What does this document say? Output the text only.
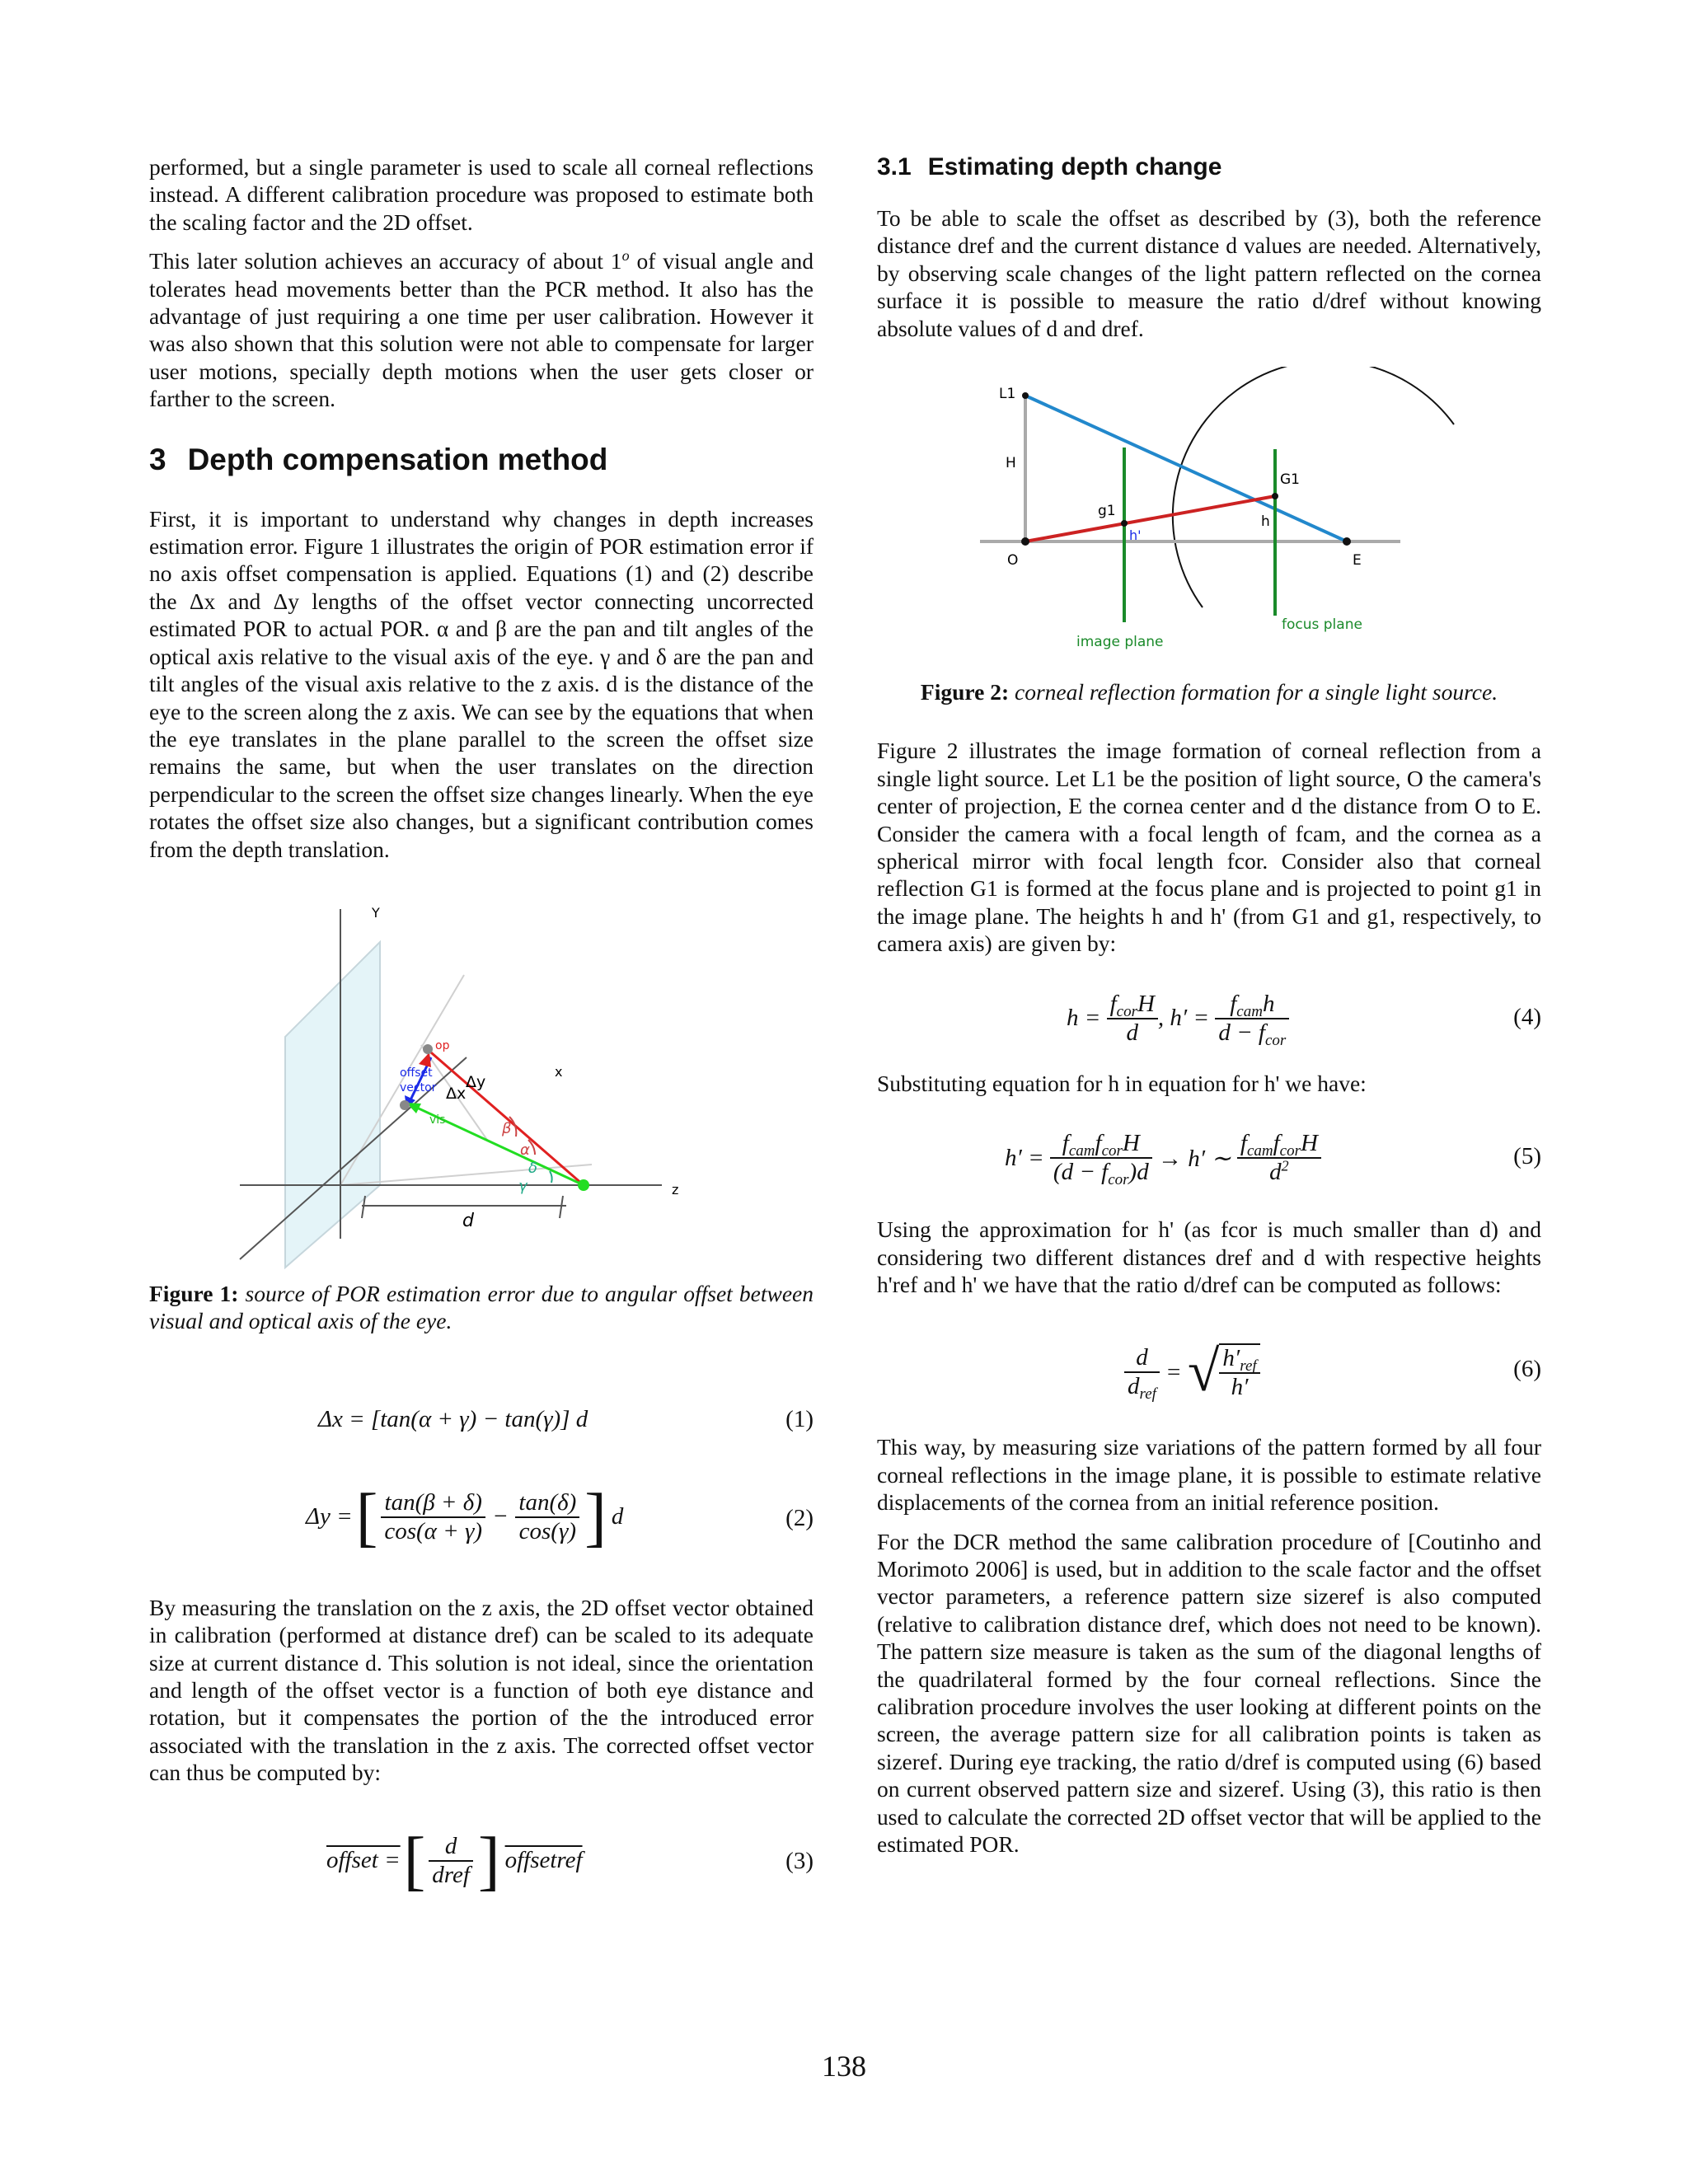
performed, but a single parameter is used to scale all corneal reflections instead. A different calibration procedure was proposed to estimate both the scaling factor and the 2D offset.

This later solution achieves an accuracy of about 1$^o$ of visual angle and tolerates head movements better than the PCR method. It also has the advantage of just requiring a one time per user calibration. However it was also shown that this solution were not able to compensate for larger user motions, specially depth motions when the user gets closer or farther to the screen.

3 Depth compensation method

First, it is important to understand why changes in depth increases estimation error. Figure 1 illustrates the origin of POR estimation error if no axis offset compensation is applied. Equations (1) and (2) describe the Δx and Δy lengths of the offset vector connecting uncorrected estimated POR to actual POR. α and β are the pan and tilt angles of the optical axis relative to the visual axis of the eye. γ and δ are the pan and tilt angles of the visual axis relative to the z axis. d is the distance of the eye to the screen along the z axis. We can see by the equations that when the eye translates in the plane parallel to the screen the offset size remains the same, but when the user translates on the direction perpendicular to the screen the offset size changes linearly. When the eye rotates the offset size also changes, but a significant contribution comes from the depth translation.

Y
x
z
d
op
offset
vector
vis
Δx
Δy
β
α
δ
γ

Figure 1: source of POR estimation error due to angular offset between visual and optical axis of the eye.

Δx = [tan(α + γ) − tan(γ)] d	(1)
Δy = [ $\frac{\tan(\beta + \delta)}{\cos(\alpha + \gamma)} - \frac{\tan(\delta)}{\cos(\gamma)}$ ] d	(2)

By measuring the translation on the z axis, the 2D offset vector obtained in calibration (performed at distance dref) can be scaled to its adequate size at current distance d. This solution is not ideal, since the orientation and length of the offset vector is a function of both eye distance and rotation, but it compensates the portion of the the introduced error associated with the translation in the z axis. The corrected offset vector can thus be computed by:

offset = [ $\frac{d}{\text{dref}}$ ] offsetref	(3)
3.1 Estimating depth change

To be able to scale the offset as described by (3), both the reference distance dref and the current distance d values are needed. Alternatively, by observing scale changes of the light pattern reflected on the cornea surface it is possible to measure the ratio d/dref without knowing absolute values of d and dref.

L1
H
G1
g1
h'
h
O	E
image plane
focus plane

Figure 2: corneal reflection formation for a single light source.

Figure 2 illustrates the image formation of corneal reflection from a single light source. Let L1 be the position of light source, O the camera's center of projection, E the cornea center and d the distance from O to E. Consider the camera with a focal length of fcam, and the cornea as a spherical mirror with focal length fcor. Consider also that corneal reflection G1 is formed at the focus plane and is projected to point g1 in the image plane. The heights h and h' (from G1 and g1, respectively, to camera axis) are given by:

$h = \frac{f_{cor}H}{d}$ , $h' = \frac{f_{cam}h}{d - f_{cor}}$	(4)

Substituting equation for h in equation for h' we have:

$h' = \frac{f_{cam}f_{cor}H}{(d - f_{cor})d} \to h'$ ∼ $\frac{f_{cam}f_{cor}H}{d^2}$	(5)

Using the approximation for h' (as fcor is much smaller than d) and considering two different distances dref and d with respective heights h'ref and h' we have that the ratio d/dref can be computed as follows:

$\frac{d}{d_{ref}}$ = √ $\frac{h'_{ref}}{h'}$	(6)

This way, by measuring size variations of the pattern formed by all four corneal reflections in the image plane, it is possible to estimate relative displacements of the cornea from an initial reference position.

For the DCR method the same calibration procedure of [Coutinho and Morimoto 2006] is used, but in addition to the scale factor and the offset vector parameters, a reference pattern size sizeref is also computed (relative to calibration distance dref, which does not need to be known). The pattern size measure is taken as the sum of the diagonal lengths of the quadrilateral formed by the four corneal reflections. Since the calibration procedure involves the user looking at different points on the screen, the average pattern size for all calibration points is taken as sizeref. During eye tracking, the ratio d/dref is computed using (6) based on current observed pattern size and sizeref. Using (3), this ratio is then used to calculate the corrected 2D offset vector that will be applied to the estimated POR.

138
